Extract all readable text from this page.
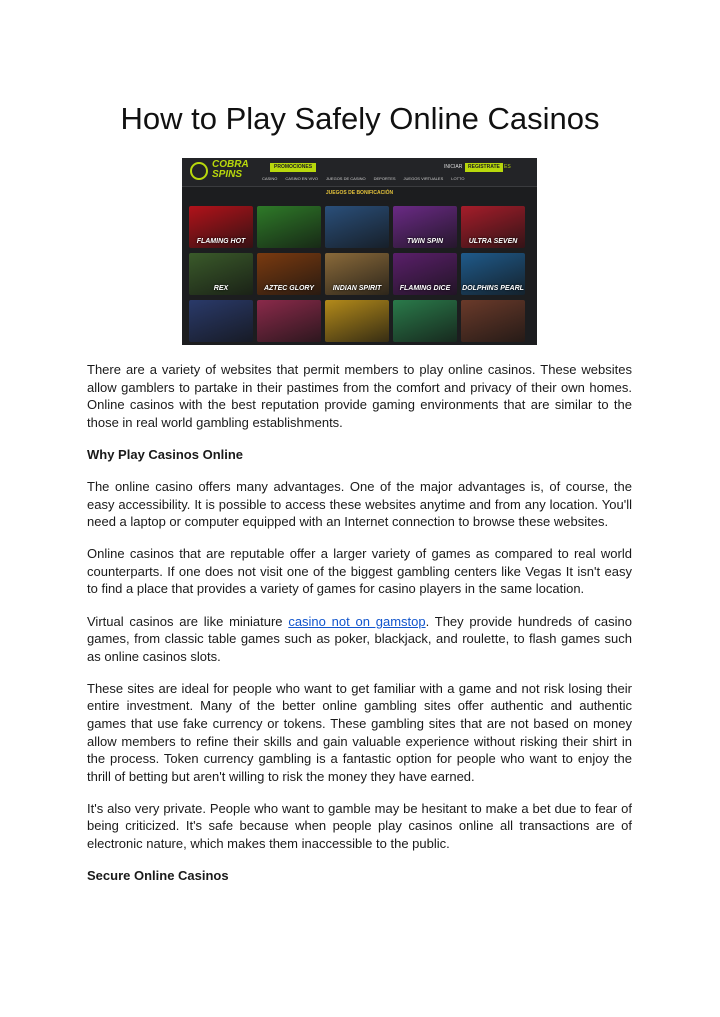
How to Play Safely Online Casinos
COBRA SPINS
PROMOCIONES	INICIAR	REGISTRATE ES
CASINO CASINO EN VIVO JUEGOS DE CASINO DEPORTES JUEGOS VIRTUALES LOTTO
JUEGOS DE BONIFICACIÓN
FLAMING HOT	TWIN SPIN	ULTRA SEVEN
REX	AZTEC GLORY	INDIAN SPIRIT	FLAMING DICE DOLPHINS PEARL

There are a variety of websites that permit members to play online casinos. These websites allow gamblers to partake in their pastimes from the comfort and privacy of their own homes. Online casinos with the best reputation provide gaming environments that are similar to the those in real world gambling establishments.

Why Play Casinos Online

The online casino offers many advantages. One of the major advantages is, of course, the easy accessibility. It is possible to access these websites anytime and from any location. You'll need a laptop or computer equipped with an Internet connection to browse these websites.

Online casinos that are reputable offer a larger variety of games as compared to real world counterparts. If one does not visit one of the biggest gambling centers like Vegas It isn't easy to find a place that provides a variety of games for casino players in the same location.

Virtual casinos are like miniature casino not on gamstop. They provide hundreds of casino games, from classic table games such as poker, blackjack, and roulette, to flash games such as online casinos slots.

These sites are ideal for people who want to get familiar with a game and not risk losing their entire investment. Many of the better online gambling sites offer authentic and authentic games that use fake currency or tokens. These gambling sites that are not based on money allow members to refine their skills and gain valuable experience without risking their shirt in the process. Token currency gambling is a fantastic option for people who want to enjoy the thrill of betting but aren't willing to risk the money they have earned.

It's also very private. People who want to gamble may be hesitant to make a bet due to fear of being criticized. It's safe because when people play casinos online all transactions are of electronic nature, which makes them inaccessible to the public.

Secure Online Casinos
